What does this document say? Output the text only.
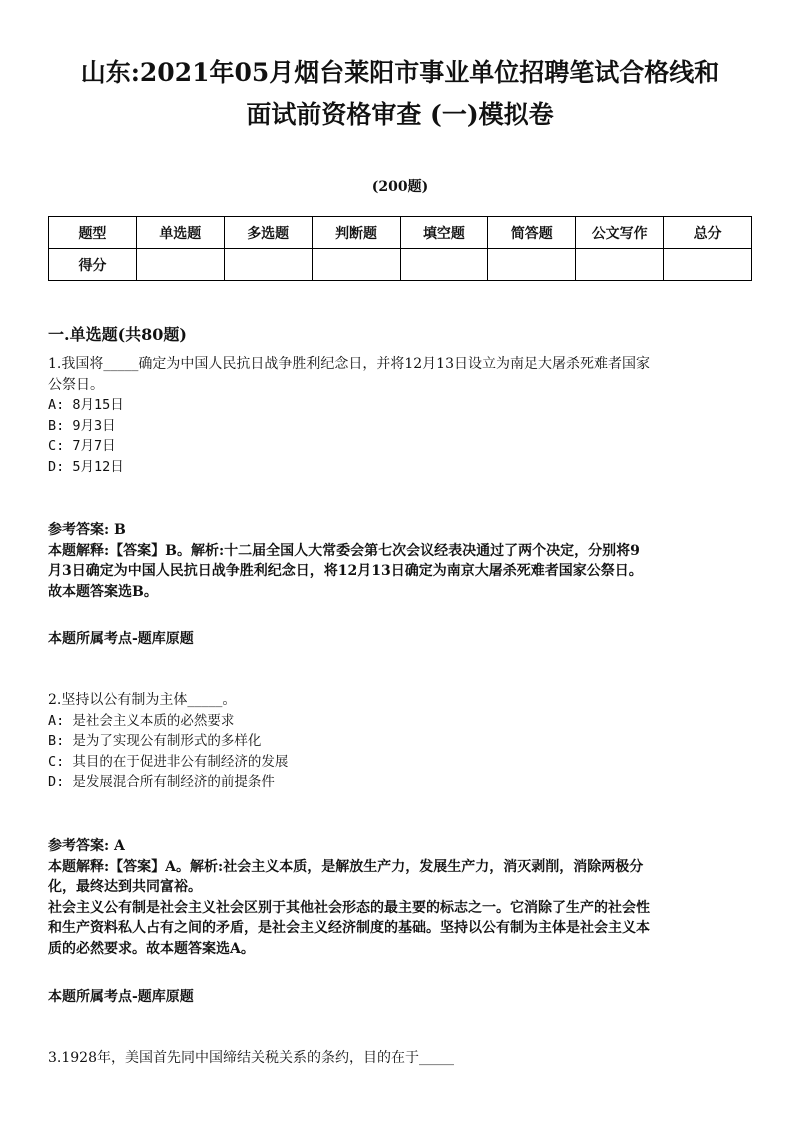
山东:2021年05月烟台莱阳市事业单位招聘笔试合格线和
面试前资格审查 (一)模拟卷
(200题)
题型	单选题	多选题	判断题	填空题	简答题	公文写作	总分
得分							
一.单选题(共80题)
1.我国将_____确定为中国人民抗日战争胜利纪念日，并将12月13日设立为南足大屠杀死难者国家
公祭日。
A: 8月15日
B: 9月3日
C: 7月7日
D: 5月12日
参考答案: B
本题解释:【答案】B。解析:十二届全国人大常委会第七次会议经表决通过了两个决定，分别将9
月3日确定为中国人民抗日战争胜利纪念日，将12月13日确定为南京大屠杀死难者国家公祭日。
故本题答案选B。
本题所属考点-题库原题
2.坚持以公有制为主体_____。
A: 是社会主义本质的必然要求
B: 是为了实现公有制形式的多样化
C: 其目的在于促进非公有制经济的发展
D: 是发展混合所有制经济的前提条件
参考答案: A
本题解释:【答案】A。解析:社会主义本质，是解放生产力，发展生产力，消灭剥削，消除两极分
化，最终达到共同富裕。
社会主义公有制是社会主义社会区别于其他社会形态的最主要的标志之一。它消除了生产的社会性
和生产资料私人占有之间的矛盾，是社会主义经济制度的基础。坚持以公有制为主体是社会主义本
质的必然要求。故本题答案选A。
本题所属考点-题库原题
3.1928年，美国首先同中国缔结关税关系的条约，目的在于_____
